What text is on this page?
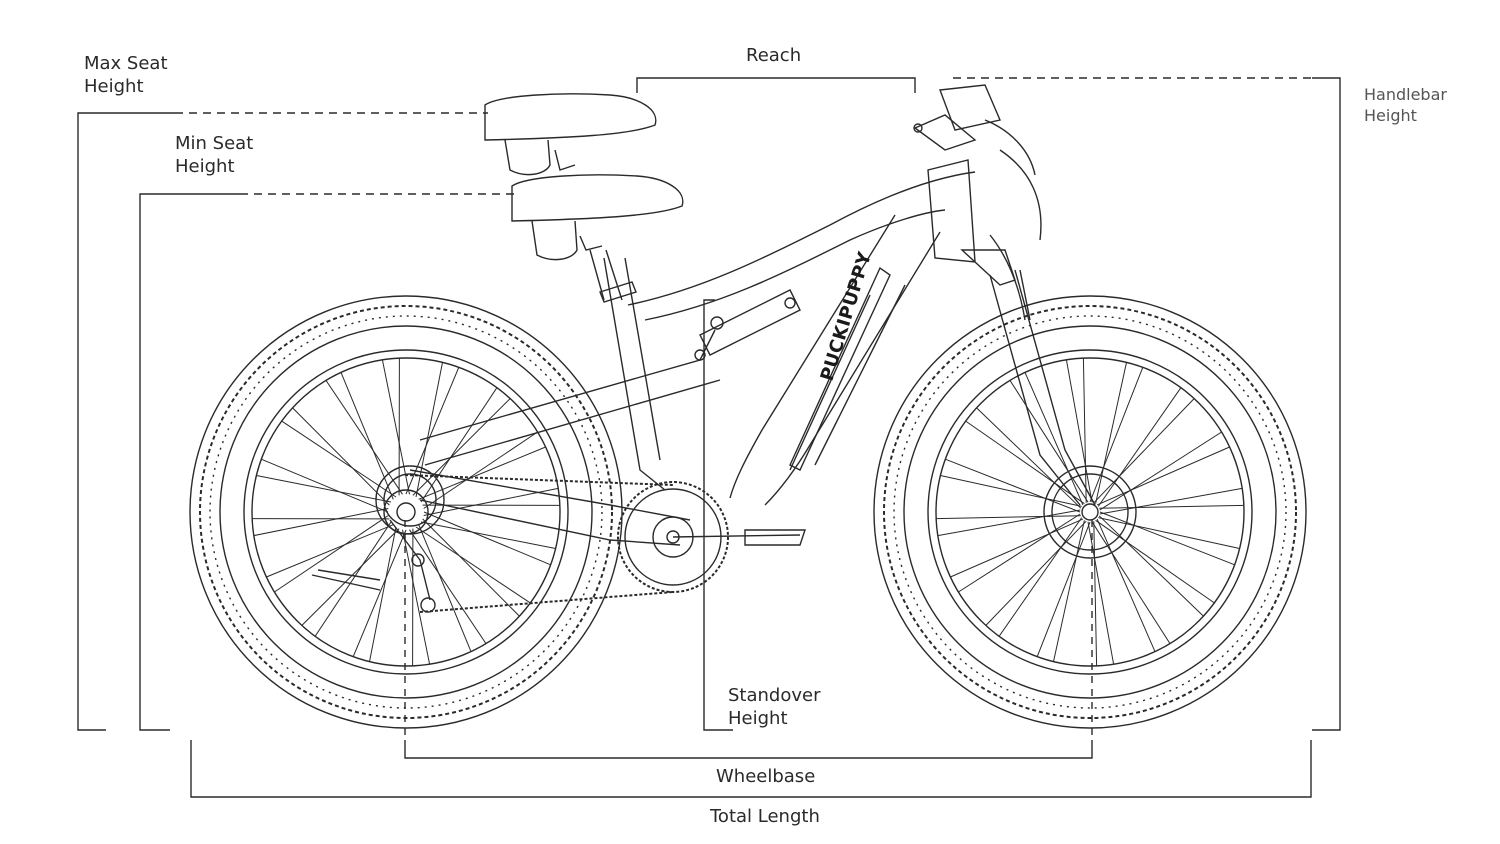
PUCKIPUPPY
Max Seat
Height
Min Seat
Height
Reach
Handlebar
Height
Standover
Height
Wheelbase
Total Length
